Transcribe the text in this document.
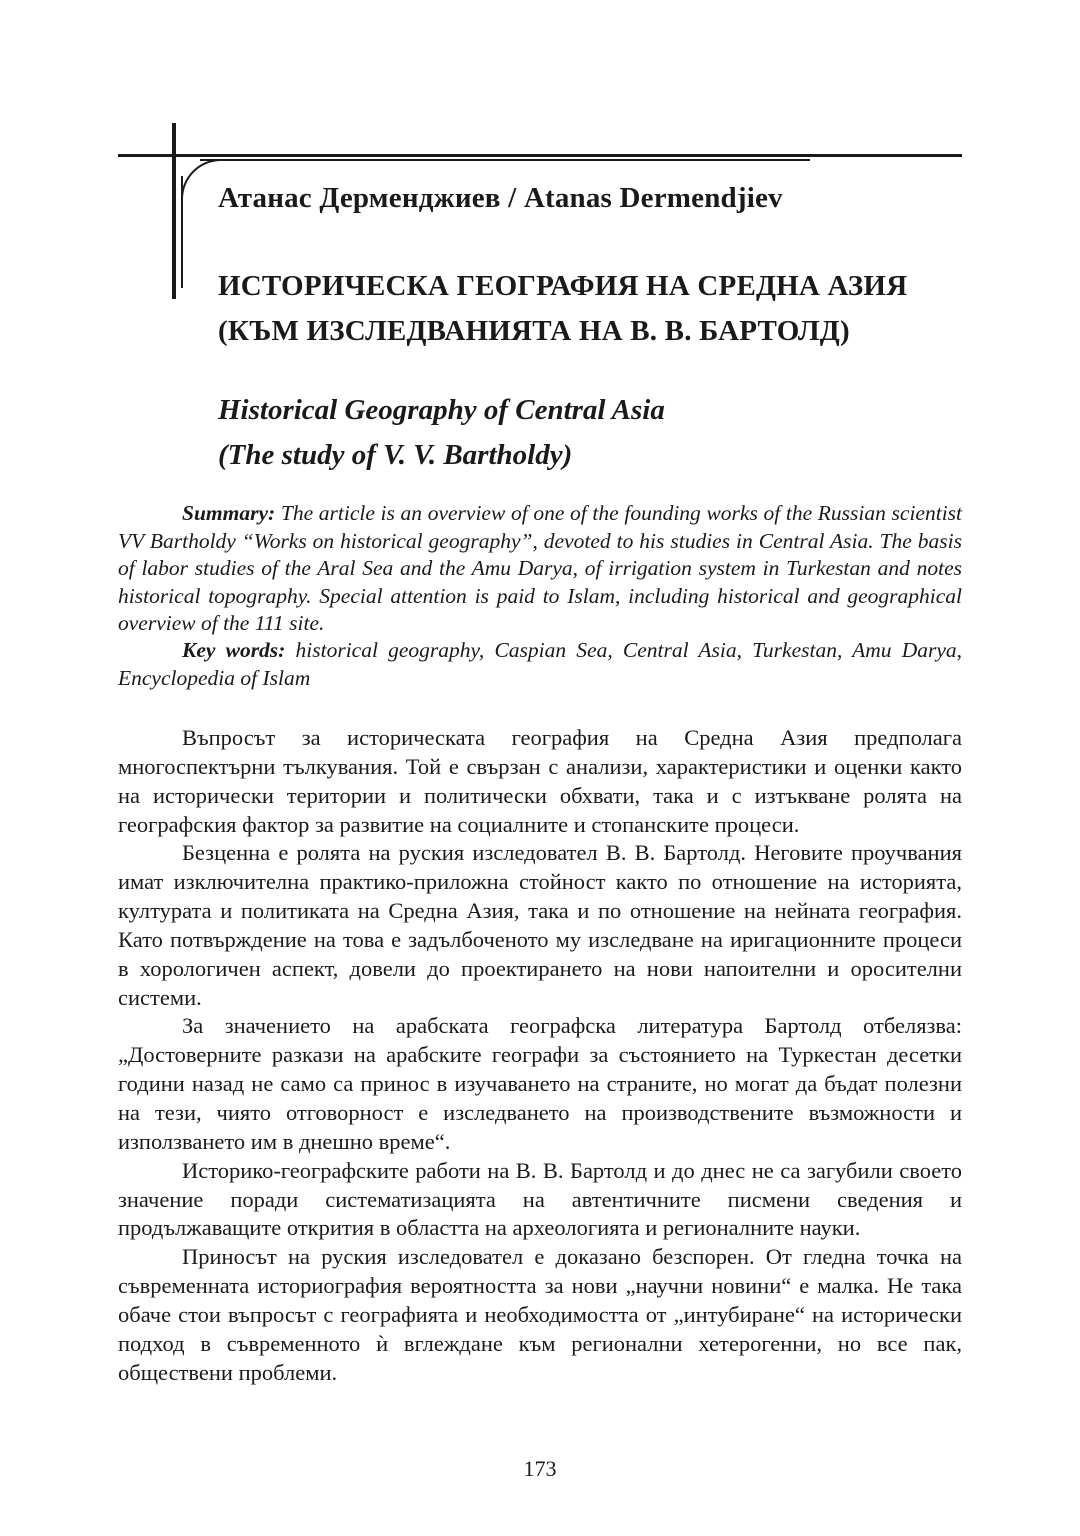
Атанас Дерменджиев / Atanas Dermendjiev
ИСТОРИЧЕСКА ГЕОГРАФИЯ НА СРЕДНА АЗИЯ
(КЪМ ИЗСЛЕДВАНИЯТА НА В. В. БАРТОЛД)
Historical Geography of Central Asia
(The study of V. V. Bartholdy)
Summary: The article is an overview of one of the founding works of the Russian scientist VV Bartholdy “Works on historical geography”, devoted to his studies in Central Asia. The basis of labor studies of the Aral Sea and the Amu Darya, of irrigation system in Turkestan and notes historical topography. Special attention is paid to Islam, including historical and geographical overview of the 111 site.
Key words: historical geography, Caspian Sea, Central Asia, Turkestan, Amu Darya, Encyclopedia of Islam

Въпросът за историческата география на Средна Азия предполага многоспектърни тълкувания. Той е свързан с анализи, характеристики и оценки както на исторически територии и политически обхвати, така и с изтъкване ролята на географския фактор за развитие на социалните и стопанските процеси.

Безценна е ролята на руския изследовател В. В. Бартолд. Неговите проучвания имат изключителна практико-приложна стойност както по отношение на историята, културата и политиката на Средна Азия, така и по отношение на нейната география. Като потвърждение на това е задълбоченото му изследване на иригационните процеси в хорологичен аспект, довели до проектирането на нови напоителни и оросителни системи.

За значението на арабската географска литература Бартолд отбелязва: „Достоверните разкази на арабските географи за състоянието на Туркестан десетки години назад не само са принос в изучаването на страните, но могат да бъдат полезни на тези, чиято отговорност е изследването на производствените възможности и използването им в днешно време“.

Историко-географските работи на В. В. Бартолд и до днес не са загубили своето значение поради систематизацията на автентичните писмени сведения и продължаващите открития в областта на археологията и регионалните науки.

Приносът на руския изследовател е доказано безспорен. От гледна точка на съвременната историография вероятността за нови „научни новини“ е малка. Не така обаче стои въпросът с географията и необходимостта от „интубиране“ на исторически подход в съвременното ѝ вглеждане към регионални хетерогенни, но все пак, обществени проблеми.

173
